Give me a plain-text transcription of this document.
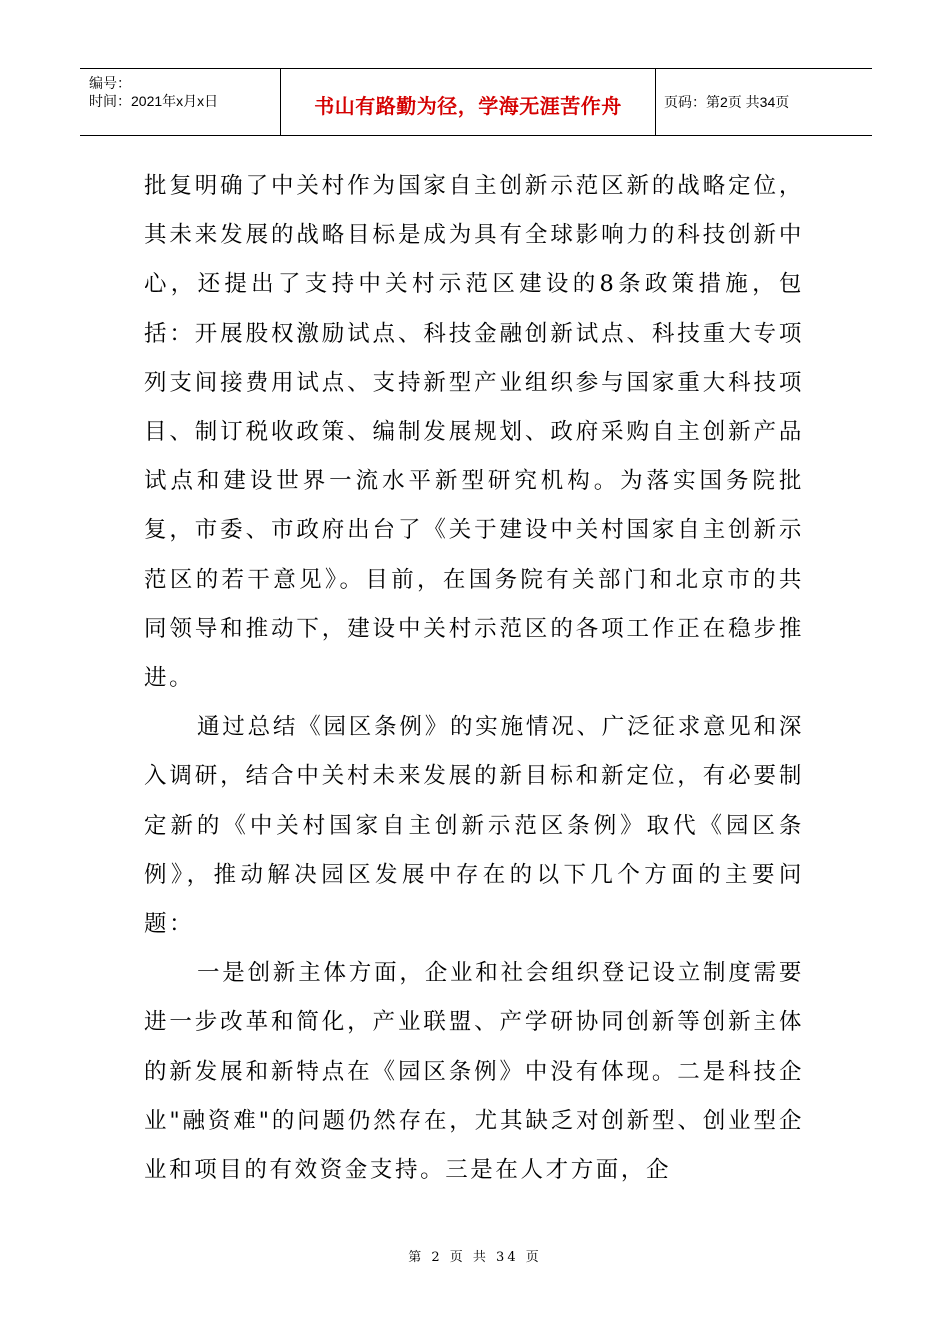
编号：
时间：2021年x月x日	书山有路勤为径，学海无涯苦作舟	页码：第2页 共34页

批复明确了中关村作为国家自主创新示范区新的战略定位，其未来发展的战略目标是成为具有全球影响力的科技创新中心，还提出了支持中关村示范区建设的8条政策措施，包括：开展股权激励试点、科技金融创新试点、科技重大专项列支间接费用试点、支持新型产业组织参与国家重大科技项目、制订税收政策、编制发展规划、政府采购自主创新产品试点和建设世界一流水平新型研究机构。为落实国务院批复，市委、市政府出台了《关于建设中关村国家自主创新示范区的若干意见》。目前，在国务院有关部门和北京市的共同领导和推动下，建设中关村示范区的各项工作正在稳步推进。

通过总结《园区条例》的实施情况、广泛征求意见和深入调研，结合中关村未来发展的新目标和新定位，有必要制定新的《中关村国家自主创新示范区条例》取代《园区条例》，推动解决园区发展中存在的以下几个方面的主要问题：

一是创新主体方面，企业和社会组织登记设立制度需要进一步改革和简化，产业联盟、产学研协同创新等创新主体的新发展和新特点在《园区条例》中没有体现。二是科技企业"融资难"的问题仍然存在，尤其缺乏对创新型、创业型企业和项目的有效资金支持。三是在人才方面，企

第 2 页 共 34 页
